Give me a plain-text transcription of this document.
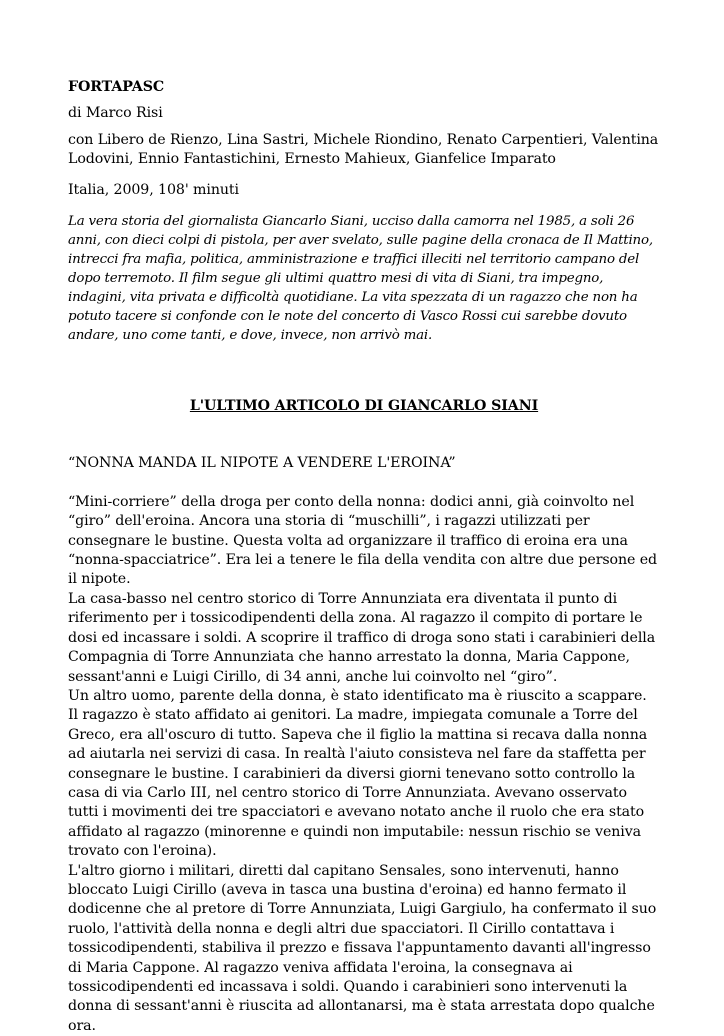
FORTAPASC

di Marco Risi

con Libero de Rienzo, Lina Sastri, Michele Riondino, Renato Carpentieri, Valentina Lodovini, Ennio Fantastichini, Ernesto Mahieux, Gianfelice Imparato

Italia, 2009, 108' minuti

La vera storia del giornalista Giancarlo Siani, ucciso dalla camorra nel 1985, a soli 26 anni, con dieci colpi di pistola, per aver svelato, sulle pagine della cronaca de Il Mattino, intrecci fra mafia, politica, amministrazione e traffici illeciti nel territorio campano del dopo terremoto. Il film segue gli ultimi quattro mesi di vita di Siani, tra impegno, indagini, vita privata e difficoltà quotidiane. La vita spezzata di un ragazzo che non ha potuto tacere si confonde con le note del concerto di Vasco Rossi cui sarebbe dovuto andare, uno come tanti, e dove, invece, non arrivò mai.

L'ULTIMO ARTICOLO DI GIANCARLO SIANI

“NONNA MANDA IL NIPOTE A VENDERE L'EROINA”

“Mini-corriere” della droga per conto della nonna: dodici anni, già coinvolto nel “giro” dell'eroina. Ancora una storia di “muschilli”, i ragazzi utilizzati per consegnare le bustine. Questa volta ad organizzare il traffico di eroina era una “nonna-spacciatrice”. Era lei a tenere le fila della vendita con altre due persone ed il nipote.

La casa-basso nel centro storico di Torre Annunziata era diventata il punto di riferimento per i tossicodipendenti della zona. Al ragazzo il compito di portare le dosi ed incassare i soldi. A scoprire il traffico di droga sono stati i carabinieri della Compagnia di Torre Annunziata che hanno arrestato la donna, Maria Cappone, sessant'anni e Luigi Cirillo, di 34 anni, anche lui coinvolto nel “giro”.

Un altro uomo, parente della donna, è stato identificato ma è riuscito a scappare. Il ragazzo è stato affidato ai genitori. La madre, impiegata comunale a Torre del Greco, era all'oscuro di tutto. Sapeva che il figlio la mattina si recava dalla nonna ad aiutarla nei servizi di casa. In realtà l'aiuto consisteva nel fare da staffetta per consegnare le bustine. I carabinieri da diversi giorni tenevano sotto controllo la casa di via Carlo III, nel centro storico di Torre Annunziata. Avevano osservato tutti i movimenti dei tre spacciatori e avevano notato anche il ruolo che era stato affidato al ragazzo (minorenne e quindi non imputabile: nessun rischio se veniva trovato con l'eroina).

L'altro giorno i militari, diretti dal capitano Sensales, sono intervenuti, hanno bloccato Luigi Cirillo (aveva in tasca una bustina d'eroina) ed hanno fermato il dodicenne che al pretore di Torre Annunziata, Luigi Gargiulo, ha confermato il suo ruolo, l'attività della nonna e degli altri due spacciatori. Il Cirillo contattava i tossicodipendenti, stabiliva il prezzo e fissava l'appuntamento davanti all'ingresso di Maria Cappone. Al ragazzo veniva affidata l'eroina, la consegnava ai tossicodipendenti ed incassava i soldi. Quando i carabinieri sono intervenuti la donna di sessant'anni è riuscita ad allontanarsi, ma è stata arrestata dopo qualche ora.
